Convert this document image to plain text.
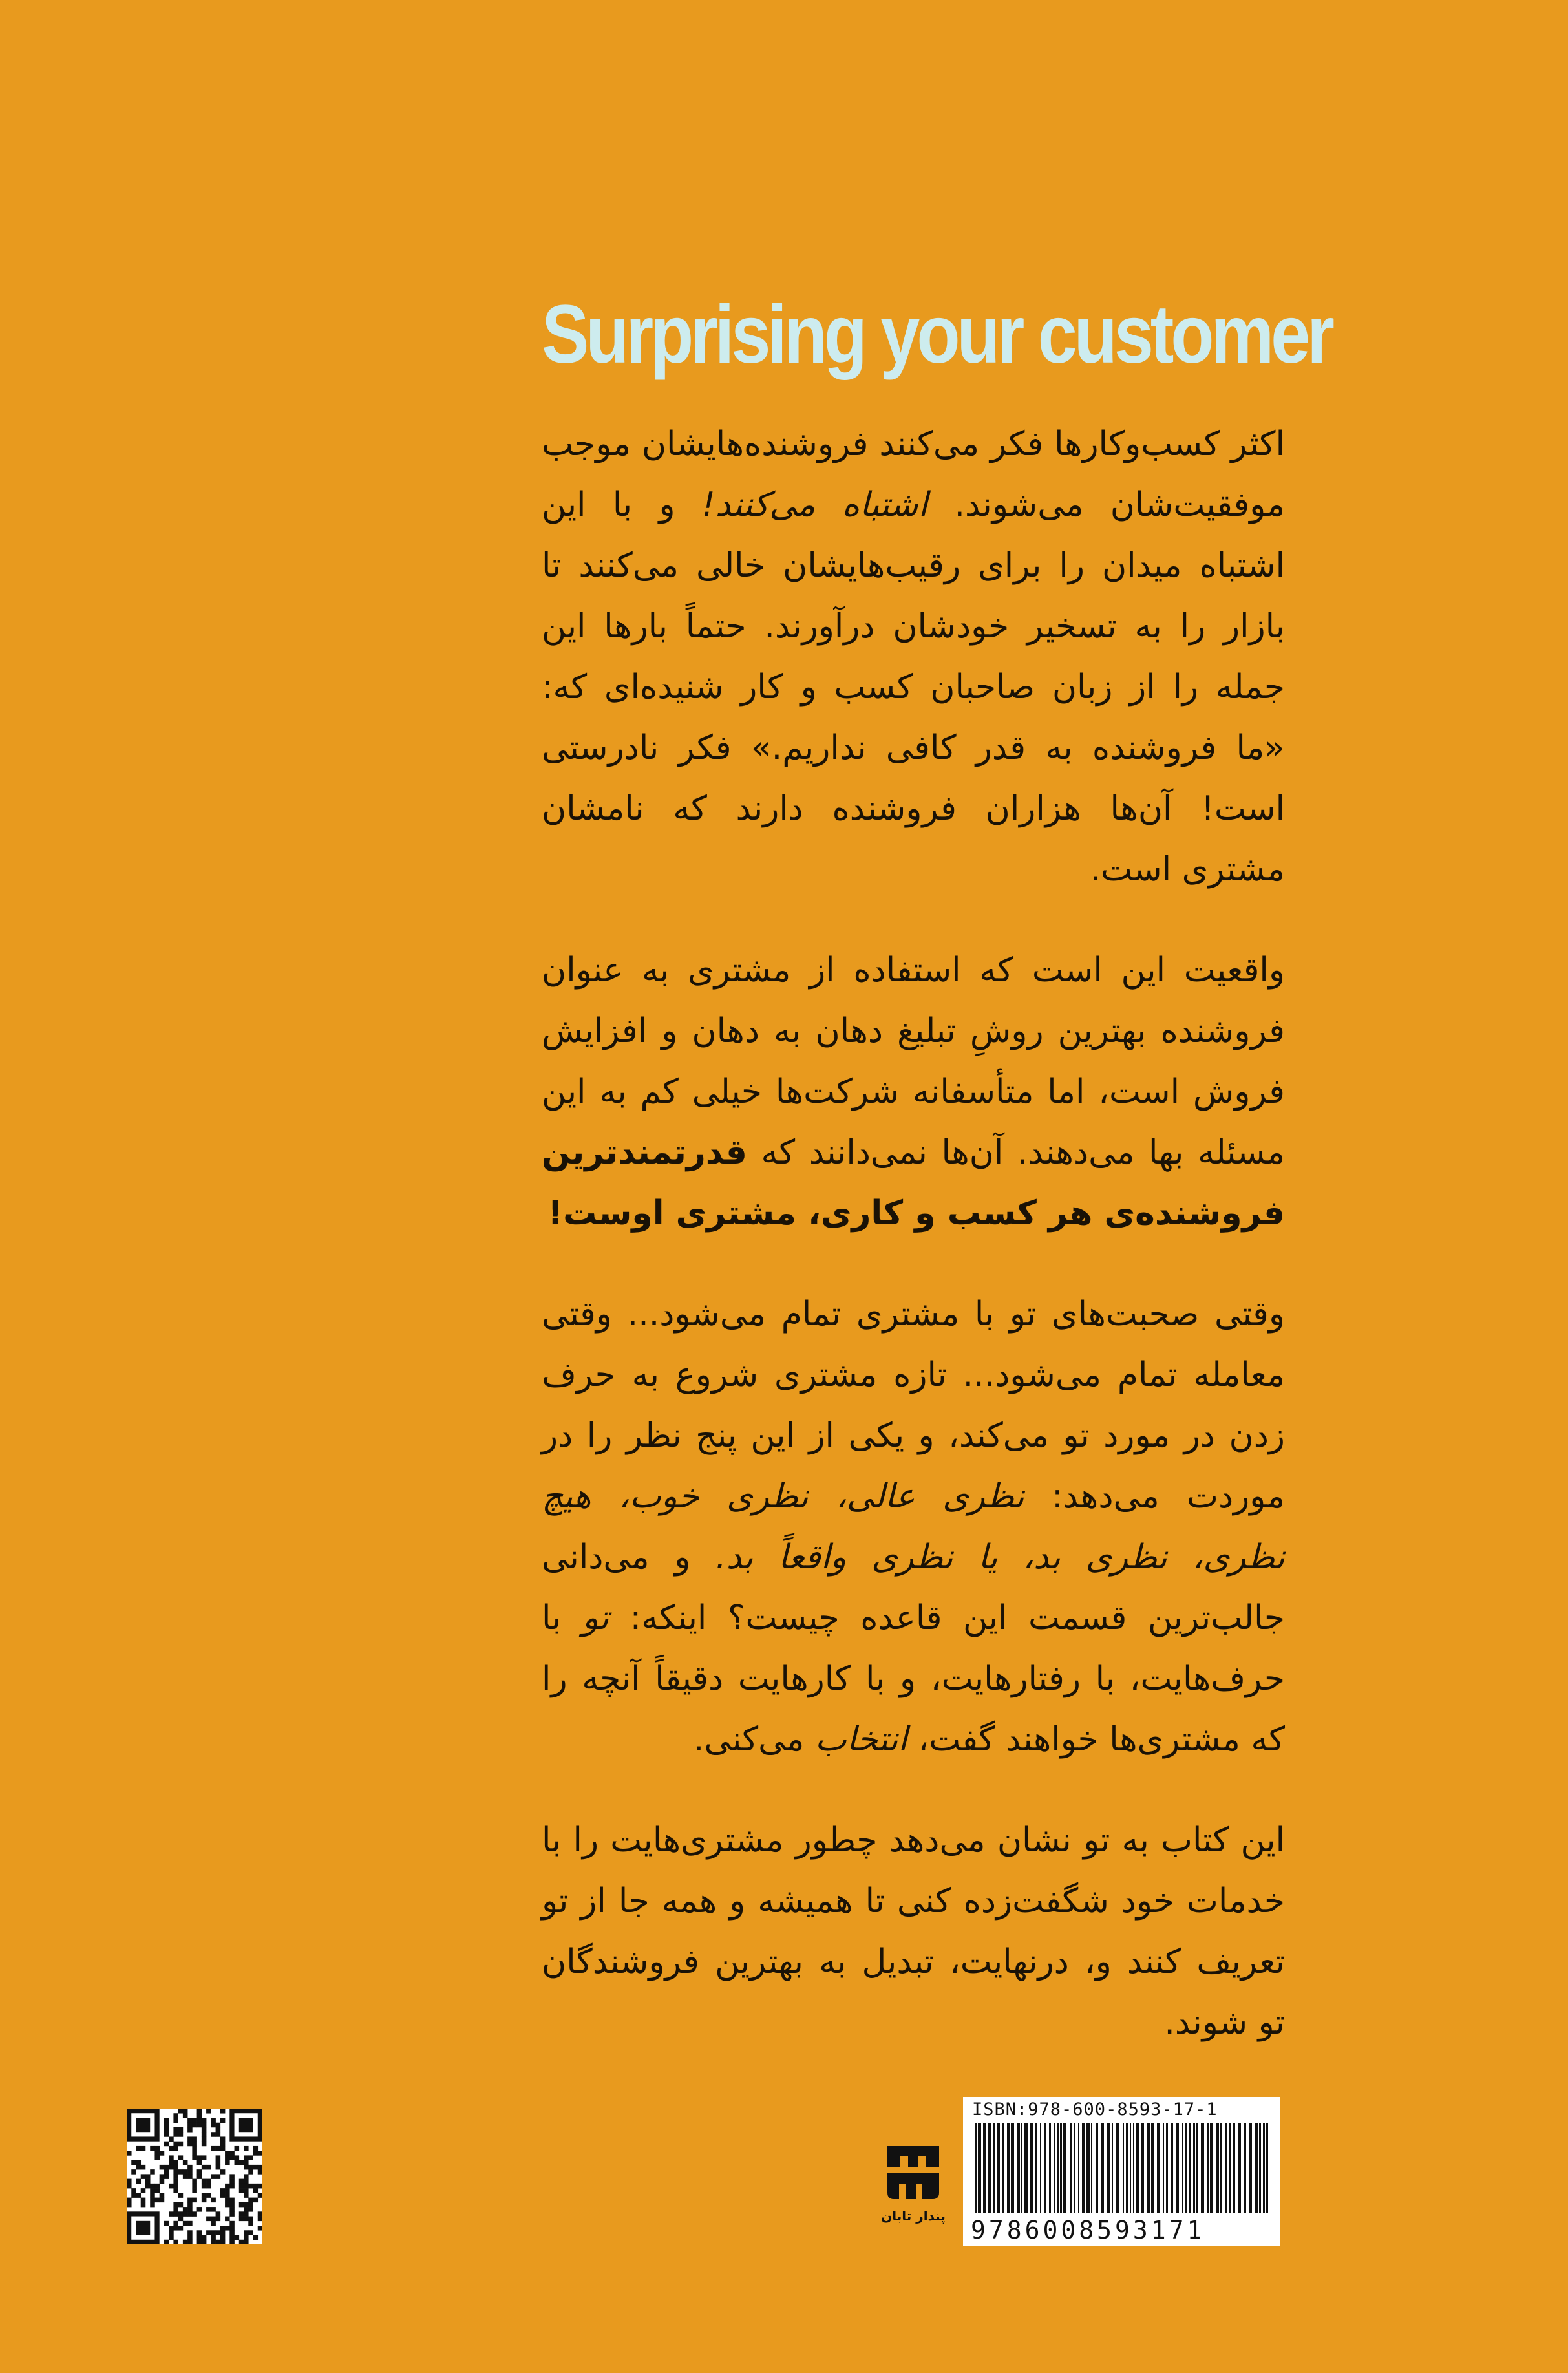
Surprising your customer

اکثر کسب‌وکارها فکر می‌کنند فروشنده‌هایشان موجب موفقیت‌شان می‌شوند. اشتباه می‌کنند! و با این اشتباه میدان را برای رقیب‌هایشان خالی می‌کنند تا بازار را به تسخیر خودشان درآورند. حتماً بارها این جمله را از زبان صاحبان کسب و کار شنیده‌ای که: «ما فروشنده به قدر کافی نداریم.» فکر نادرستی است! آن‌ها هزاران فروشنده دارند که نامشان مشتری است.

واقعیت این است که استفاده از مشتری به عنوان فروشنده بهترین روشِ تبلیغ دهان به دهان و افزایش فروش است، اما متأسفانه شرکت‌ها خیلی کم به این مسئله بها می‌دهند. آن‌ها نمی‌دانند که قدرتمندترین فروشنده‌ی هر کسب و کاری، مشتری اوست!

وقتی صحبت‌های تو با مشتری تمام می‌شود... وقتی معامله تمام می‌شود... تازه مشتری شروع به حرف زدن در مورد تو می‌کند، و یکی از این پنج نظر را در موردت می‌دهد: نظری عالی، نظری خوب، هیچ نظری، نظری بد، یا نظری واقعاً بد. و می‌دانی جالب‌ترین قسمت این قاعده چیست؟ اینکه: تو با حرف‌هایت، با رفتارهایت، و با کارهایت دقیقاً آنچه را که مشتری‌ها خواهند گفت، انتخاب می‌کنی.

این کتاب به تو نشان می‌دهد چطور مشتری‌هایت را با خدمات خود شگفت‌زده کنی تا همیشه و همه جا از تو تعریف کنند و، درنهایت، تبدیل به بهترین فروشندگان تو شوند.

پندار تابان
ISBN:978-600-8593-17-1
9786008593171
